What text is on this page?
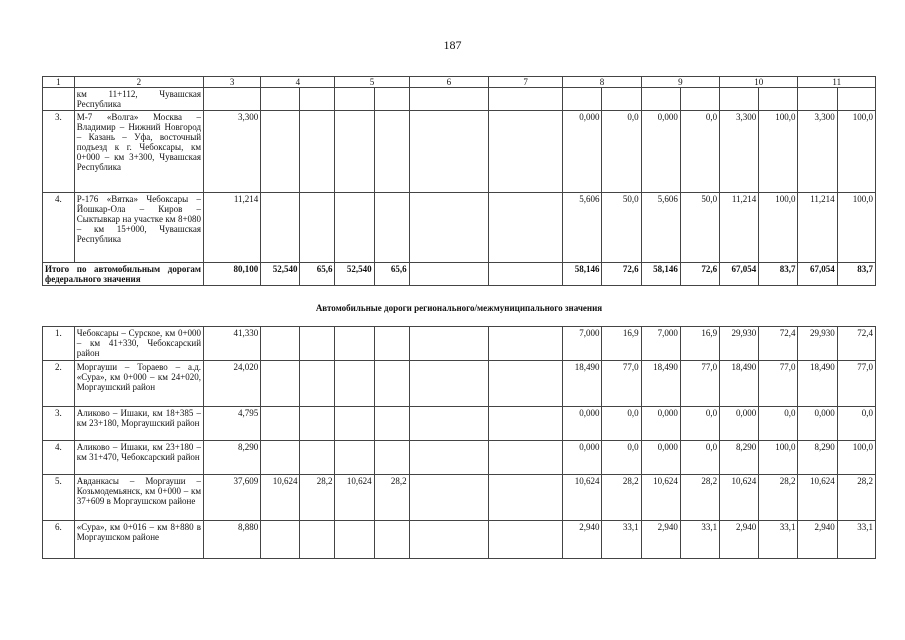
187
1	2	3	4		5		6	7	8		9		10		11	
	км 11+112, Чувашская Республика															
3.	М-7 «Волга» Москва – Владимир – Нижний Новгород – Казань – Уфа, восточный подъезд к г. Чебоксары, км 0+000 – км 3+300, Чувашская Республика	3,300							0,000	0,0	0,000	0,0	3,300	100,0	3,300	100,0
4.	Р-176 «Вятка» Чебоксары – Йошкар-Ола – Киров – Сыктывкар на участке км 8+080 – км 15+000, Чувашская Республика	11,214							5,606	50,0	5,606	50,0	11,214	100,0	11,214	100,0
Итого по автомобильным дорогам федерального значения		80,100	52,540	65,6	52,540	65,6			58,146	72,6	58,146	72,6	67,054	83,7	67,054	83,7
Автомобильные дороги регионального/межмуниципального значения
1.	Чебоксары – Сурское, км 0+000 – км 41+330, Чебоксарский район	41,330							7,000	16,9	7,000	16,9	29,930	72,4	29,930	72,4
2.	Моргауши – Тораево – а.д. «Сура», км 0+000 – км 24+020, Моргаушский район	24,020							18,490	77,0	18,490	77,0	18,490	77,0	18,490	77,0
3.	Аликово – Ишаки, км 18+385 – км 23+180, Моргаушский район	4,795							0,000	0,0	0,000	0,0	0,000	0,0	0,000	0,0
4.	Аликово – Ишаки, км 23+180 – км 31+470, Чебоксарский район	8,290							0,000	0,0	0,000	0,0	8,290	100,0	8,290	100,0
5.	Авданкасы – Моргауши – Козьмодемьянск, км 0+000 – км 37+609 в Моргаушском районе	37,609	10,624	28,2	10,624	28,2			10,624	28,2	10,624	28,2	10,624	28,2	10,624	28,2
6.	«Сура», км 0+016 – км 8+880 в Моргаушском районе	8,880							2,940	33,1	2,940	33,1	2,940	33,1	2,940	33,1
